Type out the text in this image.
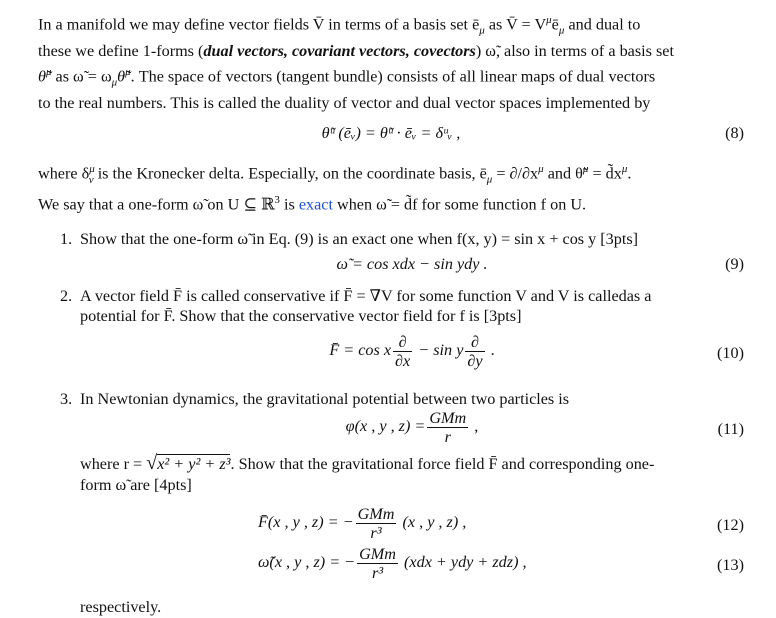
In a manifold we may define vector fields V̄ in terms of a basis set $ē_\mu$ as V̄ = $V^\mu ē_\mu$ and dual to
these we define 1-forms (dual vectors, covariant vectors, covectors) ω̃, also in terms of a basis set
θ̃$^\mu$ as ω̃ = $\omega_\mu\thetã^\mu$. The space of vectors (tangent bundle) consists of all linear maps of dual vectors
to the real numbers. This is called the duality of vector and dual vector spaces implemented by

θ̃ᵘ (ēᵥ) = θ̃ᵘ · ēᵥ = δᵘᵥ ,	(8)

where $\delta^\mu_\nu$ is the Kronecker delta. Especially, on the coordinate basis, $ē_\mu = \partial/\partial x^\mu$ and θ̃$^\mu$ = $d̃x^\mu$.
We say that a one-form ω̃ on U ⊆ ℝ$^3$ is exact when ω̃ = d̃f for some function f on U.

1. Show that the one-form ω̃ in Eq. (9) is an exact one when f(x, y) = sin x + cos y [3pts]
ω̃ = cos xdx − sin ydy .	(9)
2. A vector field F̄ is called conservative if F̄ = ∇̄V for some function V and V is calledas a
potential for F̄. Show that the conservative vector field for f is [3pts]
F̄ = cos x $\frac{\partial}{\partial x} - \sin y \frac{\partial}{\partial y}$ .	(10)
3. In Newtonian dynamics, the gravitational potential between two particles is
φ(x , y , $z) = \frac{\text{GMm}}{r}$ ,	(11)
where r = √x² + y² + z³. Show that the gravitational force field F̄ and corresponding one-
form ω̃ are [4pts]
F̄(x , y , z) = − $\frac{\text{GMm}}{\text{r³}} (x$ , y , z) ,	(12)
ω̃(x , y , z) = − $\frac{\text{GMm}}{\text{r³}} (xdx$ + ydy + zdz) ,	(13)
respectively.
